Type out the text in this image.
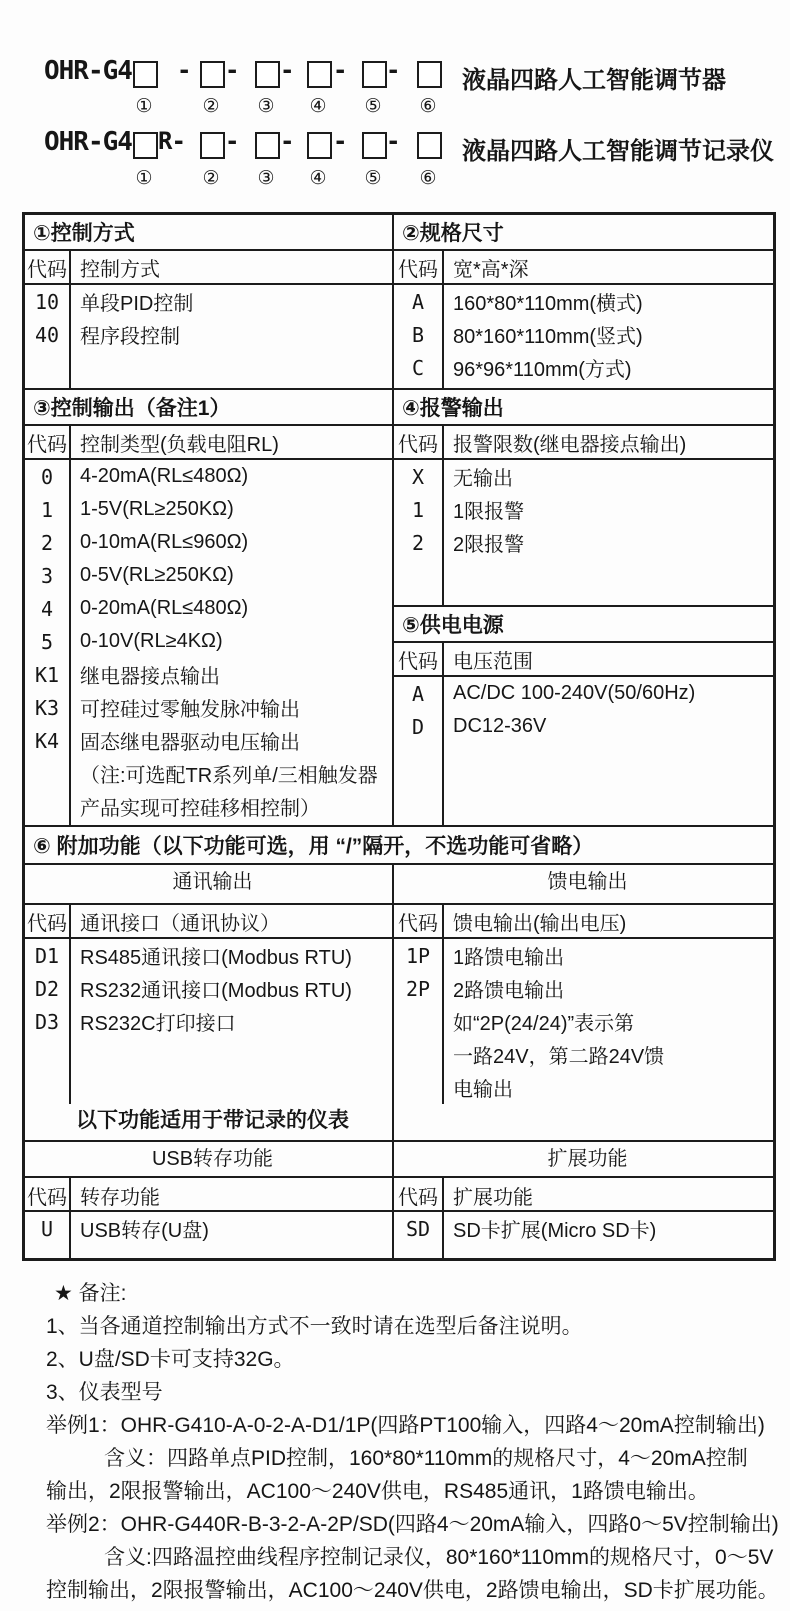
OHR-G4	液晶四路人工智能调节器
- - - - -
①	② ③ ④ ⑤ ⑥
OHR-G4	液晶四路人工智能调节记录仪
R- - - - -
①	② ③ ④ ⑤ ⑥
①控制方式
代码 控制方式
10	单段PID控制
40	程序段控制
③控制输出（备注1）
代码 控制类型(负载电阻RL)
0	4-20mA(RL≤480Ω)
1	1-5V(RL≥250KΩ)
2	0-10mA(RL≤960Ω)
3	0-5V(RL≥250KΩ)
4	0-20mA(RL≤480Ω)
5	0-10V(RL≥4KΩ)
K1	继电器接点输出
K3	可控硅过零触发脉冲输出
K4	固态继电器驱动电压输出
（注:可选配TR系列单/三相触发器
产品实现可控硅移相控制）
②规格尺寸
代码 宽*高*深
A	160*80*110mm(横式)
B	80*160*110mm(竖式)
C	96*96*110mm(方式)
④报警输出
代码 报警限数(继电器接点输出)
X	无输出
1	1限报警
2	2限报警
⑤供电电源
代码 电压范围
A	AC/DC 100-240V(50/60Hz)
D	DC12-36V
⑥ 附加功能（以下功能可选，用 “/”隔开，不选功能可省略）
通讯输出	馈电输出
代码 通讯接口（通讯协议）
D1	RS485通讯接口(Modbus RTU)
D2	RS232通讯接口(Modbus RTU)
D3	RS232C打印接口
代码 馈电输出(输出电压)
1P	1路馈电输出
2P	2路馈电输出
如“2P(24/24)”表示第
一路24V，第二路24V馈
电输出
以下功能适用于带记录的仪表
USB转存功能	扩展功能
代码 转存功能	代码 扩展功能
U	USB转存(U盘)	SD	SD卡扩展(Micro SD卡)
★ 备注:
1、当各通道控制输出方式不一致时请在选型后备注说明。
2、U盘/SD卡可支持32G。
3、仪表型号
举例1：OHR-G410-A-0-2-A-D1/1P(四路PT100输入，四路4～20mA控制输出)
含义：四路单点PID控制，160*80*110mm的规格尺寸，4～20mA控制
输出，2限报警输出，AC100～240V供电，RS485通讯，1路馈电输出。
举例2：OHR-G440R-B-3-2-A-2P/SD(四路4～20mA输入，四路0～5V控制输出)
含义:四路温控曲线程序控制记录仪，80*160*110mm的规格尺寸，0～5V
控制输出，2限报警输出，AC100～240V供电，2路馈电输出，SD卡扩展功能。
